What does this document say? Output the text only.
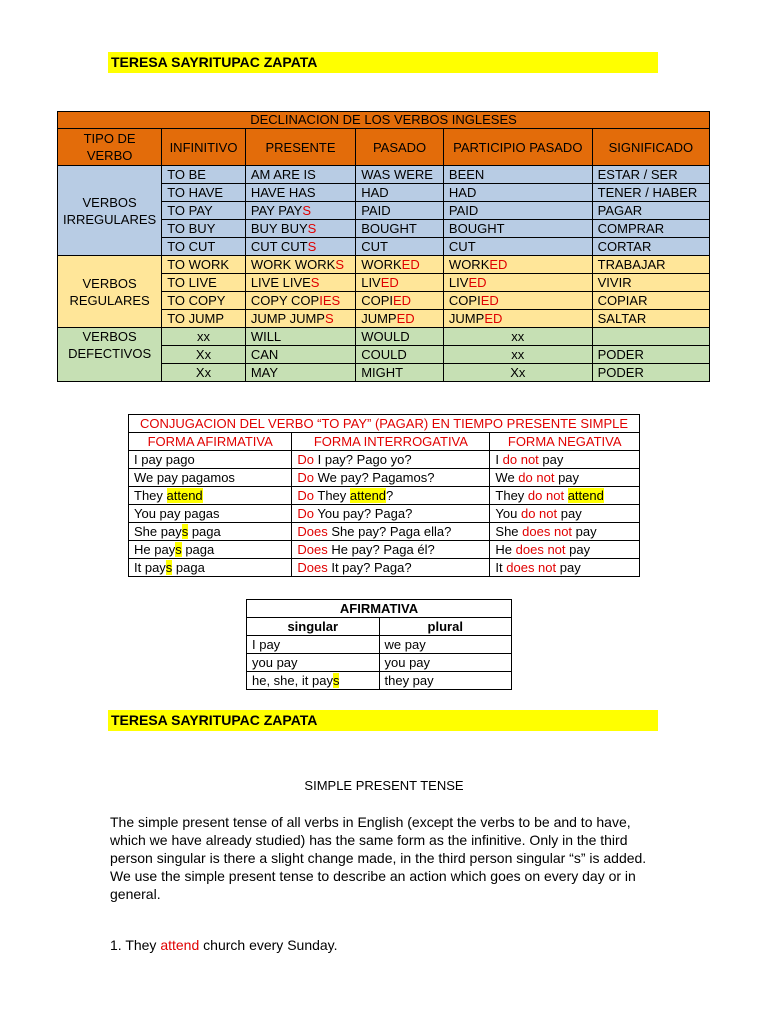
TERESA SAYRITUPAC ZAPATA
DECLINACION DE LOS VERBOS INGLESES					
TIPO DE VERBO	INFINITIVO	PRESENTE	PASADO	PARTICIPIO PASADO	SIGNIFICADO
VERBOS IRREGULARES	TO BE	AM ARE IS	WAS WERE	BEEN	ESTAR / SER
	TO HAVE	HAVE HAS	HAD	HAD	TENER / HABER
	TO PAY	PAY PAYS	PAID	PAID	PAGAR
	TO BUY	BUY BUYS	BOUGHT	BOUGHT	COMPRAR
	TO CUT	CUT CUTS	CUT	CUT	CORTAR
VERBOS REGULARES	TO WORK	WORK WORKS	WORKED	WORKED	TRABAJAR
	TO LIVE	LIVE LIVES	LIVED	LIVED	VIVIR
	TO COPY	COPY COPIES	COPIED	COPIED	COPIAR
	TO JUMP	JUMP JUMPS	JUMPED	JUMPED	SALTAR
VERBOS DEFECTIVOS	xx	WILL	WOULD	xx	
	Xx	CAN	COULD	xx	PODER
	Xx	MAY	MIGHT	Xx	PODER
CONJUGACION DEL VERBO “TO PAY” (PAGAR) EN TIEMPO PRESENTE SIMPLE		
FORMA AFIRMATIVA	FORMA INTERROGATIVA	FORMA NEGATIVA
I pay pago	Do I pay? Pago yo?	I do not pay
We pay pagamos	Do We pay? Pagamos?	We do not pay
They attend	Do They attend?	They do not attend
You pay pagas	Do You pay? Paga?	You do not pay
She pays paga	Does She pay? Paga ella?	She does not pay
He pays paga	Does He pay? Paga él?	He does not pay
It pays paga	Does It pay? Paga?	It does not pay
AFIRMATIVA	
singular	plural
I pay	we pay
you pay	you pay
he, she, it pays	they pay
TERESA SAYRITUPAC ZAPATA
SIMPLE PRESENT TENSE
The simple present tense of all verbs in English (except the verbs to be and to have, which we have already studied) has the same form as the infinitive. Only in the third person singular is there a slight change made, in the third person singular “s” is added. We use the simple present tense to describe an action which goes on every day or in general.
1. They attend church every Sunday.
